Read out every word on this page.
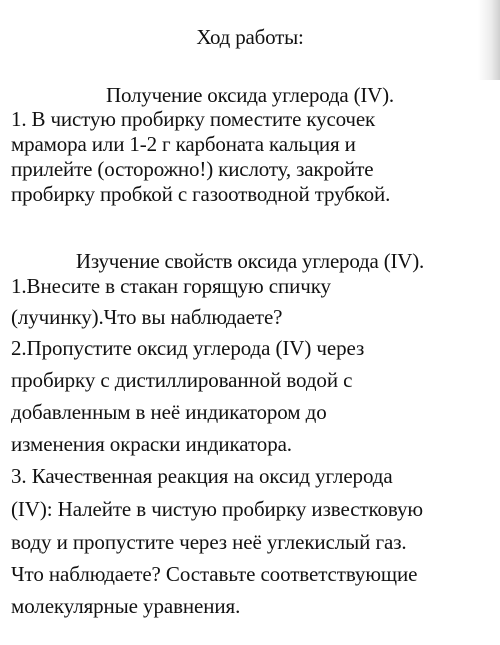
Ход работы:
Получение оксида углерода (IV).
1. В чистую пробирку поместите кусочек
мрамора или 1-2 г карбоната кальция и
прилейте (осторожно!) кислоту, закройте
пробирку пробкой с газоотводной трубкой.
Изучение свойств оксида углерода (IV).
1.Внесите в стакан горящую спичку
(лучинку).Что вы наблюдаете?
2.Пропустите оксид углерода (IV) через
пробирку с дистиллированной водой с
добавленным в неё индикатором до
изменения окраски индикатора.
3. Качественная реакция на оксид углерода
(IV): Налейте в чистую пробирку известковую
воду и пропустите через неё углекислый газ.
Что наблюдаете? Составьте соответствующие
молекулярные уравнения.
